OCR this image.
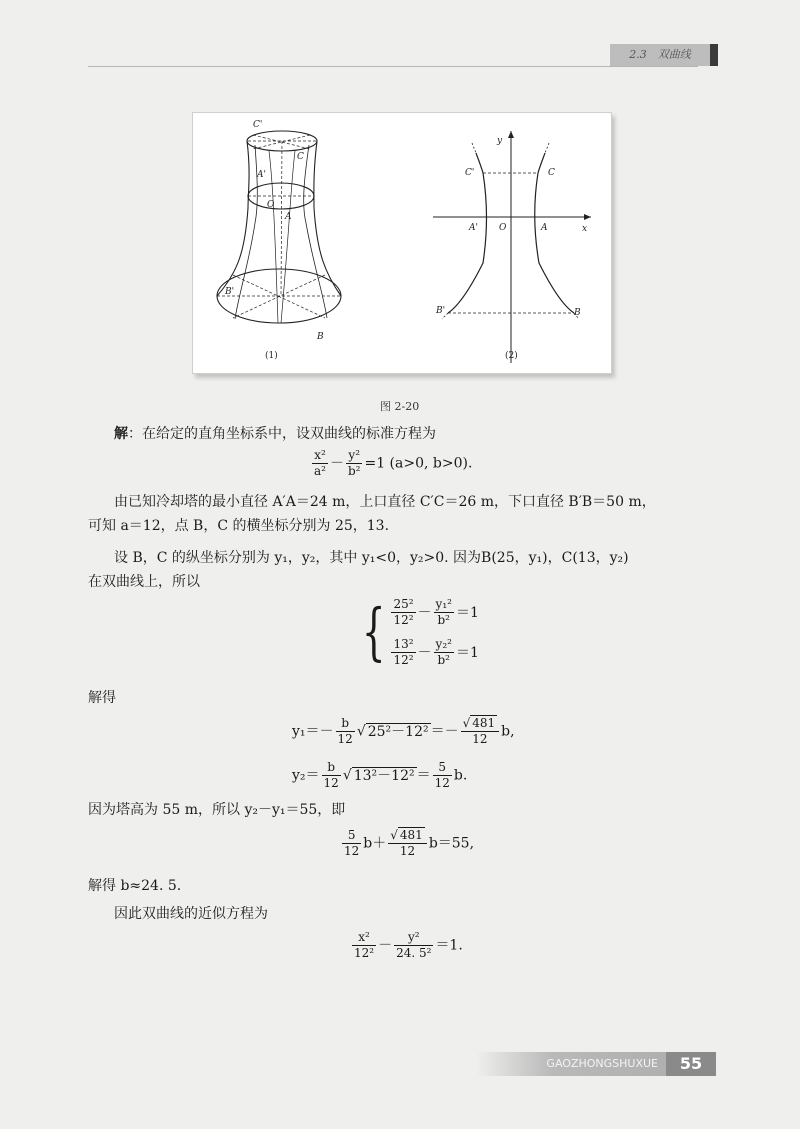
2.3　双曲线
C'
C
A'
O
A
B'
B
(1)
y
x
C'	C
A' O	A
B'	B
(2)
图 2-20
解：在给定的直角坐标系中，设双曲线的标准方程为
$\frac{\text{x²}}{\text{a²}} - \frac{\text{y²}}{\text{b²}} =1$ (a>0, b>0).
由已知冷却塔的最小直径 A′A＝24 m，上口直径 C′C＝26 m，下口直径 B′B＝50 m，
可知 a＝12，点 B，C 的横坐标分别为 25，13.
设 B，C 的纵坐标分别为 y₁，y₂，其中 y₁<0，y₂>0. 因为B(25，y₁)，C(13，y₂)
在双曲线上，所以
{ $\frac{\text{25²}}{\text{12²}} - \frac{\text{y₁²}}{\text{b²}} =1$
$\frac{\text{13²}}{\text{12²}} - \frac{\text{y₂²}}{\text{b²}} =1$
解得
$y_1=- \frac{b}{12}$ √ $25^2-12^2 =- \frac{√ 481}{12} b$,
$y_2= \frac{b}{12}$ √ $13^2-12^2 = \frac{5}{12} b$.
因为塔高为 55 m，所以 y₂－y₁＝55，即
$\frac{5}{12} b+ \frac{√ 481}{12} b=55$,
解得 b≈24. 5.
因此双曲线的近似方程为
$\frac{\text{x²}}{\text{12²}} - \frac{\text{y²}}{\text{24. 5²}} =1$.
GAOZHONGSHUXUE	55
